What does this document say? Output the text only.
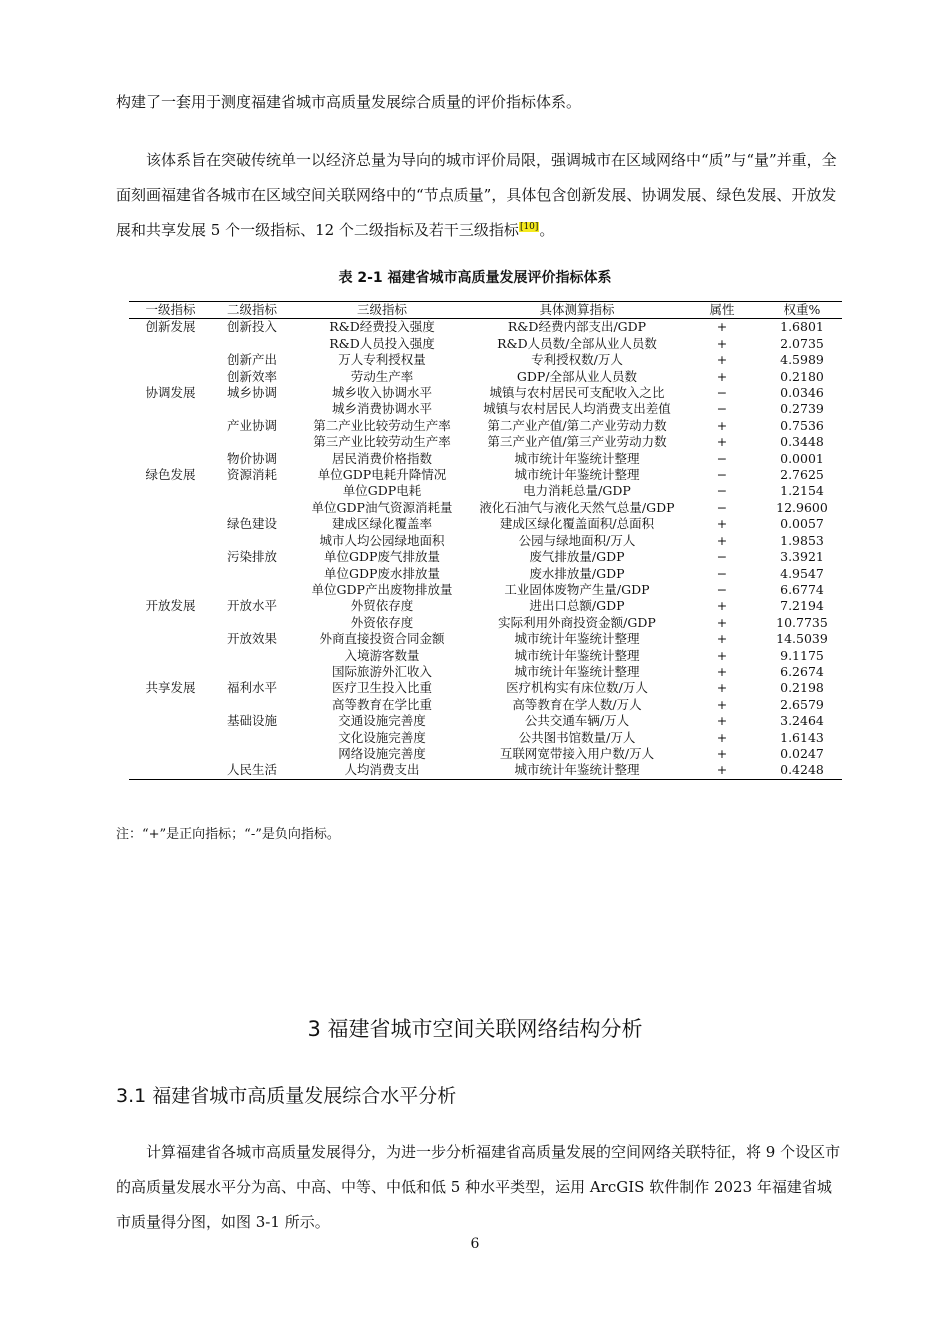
构建了一套用于测度福建省城市高质量发展综合质量的评价指标体系。

该体系旨在突破传统单一以经济总量为导向的城市评价局限，强调城市在区域网络中“质”与“量”并重，全面刻画福建省各城市在区域空间关联网络中的“节点质量”，具体包含创新发展、协调发展、绿色发展、开放发展和共享发展 5 个一级指标、12 个二级指标及若干三级指标[10]。

表 2-1 福建省城市高质量发展评价指标体系
一级指标	二级指标	三级指标	具体测算指标	属性	权重%
创新发展	创新投入	R&D经费投入强度	R&D经费内部支出/GDP	+	1.6801
		R&D人员投入强度	R&D人员数/全部从业人员数	+	2.0735
	创新产出	万人专利授权量	专利授权数/万人	+	4.5989
	创新效率	劳动生产率	GDP/全部从业人员数	+	0.2180
协调发展	城乡协调	城乡收入协调水平	城镇与农村居民可支配收入之比	−	0.0346
		城乡消费协调水平	城镇与农村居民人均消费支出差值	−	0.2739
	产业协调	第二产业比较劳动生产率	第二产业产值/第二产业劳动力数	+	0.7536
		第三产业比较劳动生产率	第三产业产值/第三产业劳动力数	+	0.3448
	物价协调	居民消费价格指数	城市统计年鉴统计整理	−	0.0001
绿色发展	资源消耗	单位GDP电耗升降情况	城市统计年鉴统计整理	−	2.7625
		单位GDP电耗	电力消耗总量/GDP	−	1.2154
		单位GDP油气资源消耗量	液化石油气与液化天然气总量/GDP	−	12.9600
	绿色建设	建成区绿化覆盖率	建成区绿化覆盖面积/总面积	+	0.0057
		城市人均公园绿地面积	公园与绿地面积/万人	+	1.9853
	污染排放	单位GDP废气排放量	废气排放量/GDP	−	3.3921
		单位GDP废水排放量	废水排放量/GDP	−	4.9547
		单位GDP产出废物排放量	工业固体废物产生量/GDP	−	6.6774
开放发展	开放水平	外贸依存度	进出口总额/GDP	+	7.2194
		外资依存度	实际利用外商投资金额/GDP	+	10.7735
	开放效果	外商直接投资合同金额	城市统计年鉴统计整理	+	14.5039
		入境游客数量	城市统计年鉴统计整理	+	9.1175
		国际旅游外汇收入	城市统计年鉴统计整理	+	6.2674
共享发展	福利水平	医疗卫生投入比重	医疗机构实有床位数/万人	+	0.2198
		高等教育在学比重	高等教育在学人数/万人	+	2.6579
	基础设施	交通设施完善度	公共交通车辆/万人	+	3.2464
		文化设施完善度	公共图书馆数量/万人	+	1.6143
		网络设施完善度	互联网宽带接入用户数/万人	+	0.0247
	人民生活	人均消费支出	城市统计年鉴统计整理	+	0.4248
注：“+”是正向指标；“-”是负向指标。
3 福建省城市空间关联网络结构分析
3.1 福建省城市高质量发展综合水平分析

计算福建省各城市高质量发展得分，为进一步分析福建省高质量发展的空间网络关联特征，将 9 个设区市的高质量发展水平分为高、中高、中等、中低和低 5 种水平类型，运用 ArcGIS 软件制作 2023 年福建省城市质量得分图，如图 3-1 所示。

6
